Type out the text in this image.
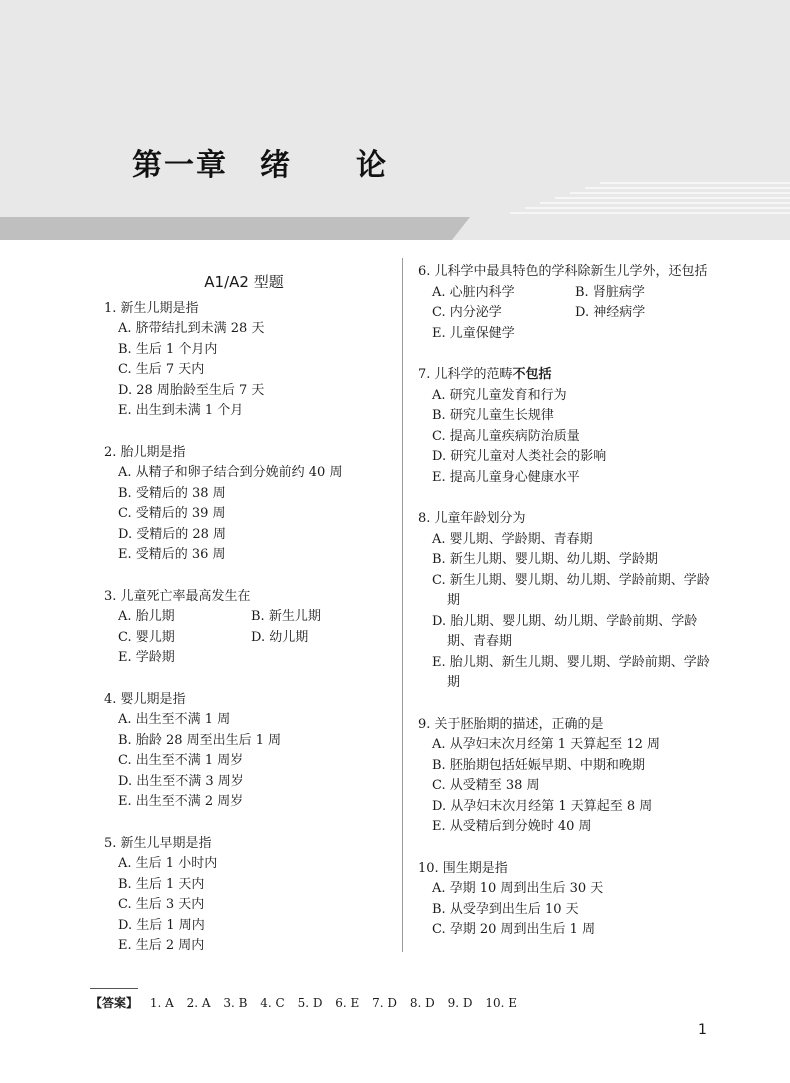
第一章　绪　　论
A1/A2 型题
1. 新生儿期是指
A. 脐带结扎到未满 28 天
B. 生后 1 个月内
C. 生后 7 天内
D. 28 周胎龄至生后 7 天
E. 出生到未满 1 个月
2. 胎儿期是指
A. 从精子和卵子结合到分娩前约 40 周
B. 受精后的 38 周
C. 受精后的 39 周
D. 受精后的 28 周
E. 受精后的 36 周
3. 儿童死亡率最高发生在
A. 胎儿期	B. 新生儿期
C. 婴儿期	D. 幼儿期
E. 学龄期
4. 婴儿期是指
A. 出生至不满 1 周
B. 胎龄 28 周至出生后 1 周
C. 出生至不满 1 周岁
D. 出生至不满 3 周岁
E. 出生至不满 2 周岁
5. 新生儿早期是指
A. 生后 1 小时内
B. 生后 1 天内
C. 生后 3 天内
D. 生后 1 周内
E. 生后 2 周内
6. 儿科学中最具特色的学科除新生儿学外，还包括
A. 心脏内科学	B. 肾脏病学
C. 内分泌学	D. 神经病学
E. 儿童保健学
7. 儿科学的范畴不包括
A. 研究儿童发育和行为
B. 研究儿童生长规律
C. 提高儿童疾病防治质量
D. 研究儿童对人类社会的影响
E. 提高儿童身心健康水平
8. 儿童年龄划分为
A. 婴儿期、学龄期、青春期
B. 新生儿期、婴儿期、幼儿期、学龄期
C. 新生儿期、婴儿期、幼儿期、学龄前期、学龄期
D. 胎儿期、婴儿期、幼儿期、学龄前期、学龄期、青春期
E. 胎儿期、新生儿期、婴儿期、学龄前期、学龄期
9. 关于胚胎期的描述，正确的是
A. 从孕妇末次月经第 1 天算起至 12 周
B. 胚胎期包括妊娠早期、中期和晚期
C. 从受精至 38 周
D. 从孕妇末次月经第 1 天算起至 8 周
E. 从受精后到分娩时 40 周
10. 围生期是指
A. 孕期 10 周到出生后 30 天
B. 从受孕到出生后 10 天
C. 孕期 20 周到出生后 1 周
【答案】 1. A 2. A 3. B 4. C 5. D 6. E 7. D 8. D 9. D 10. E
1
